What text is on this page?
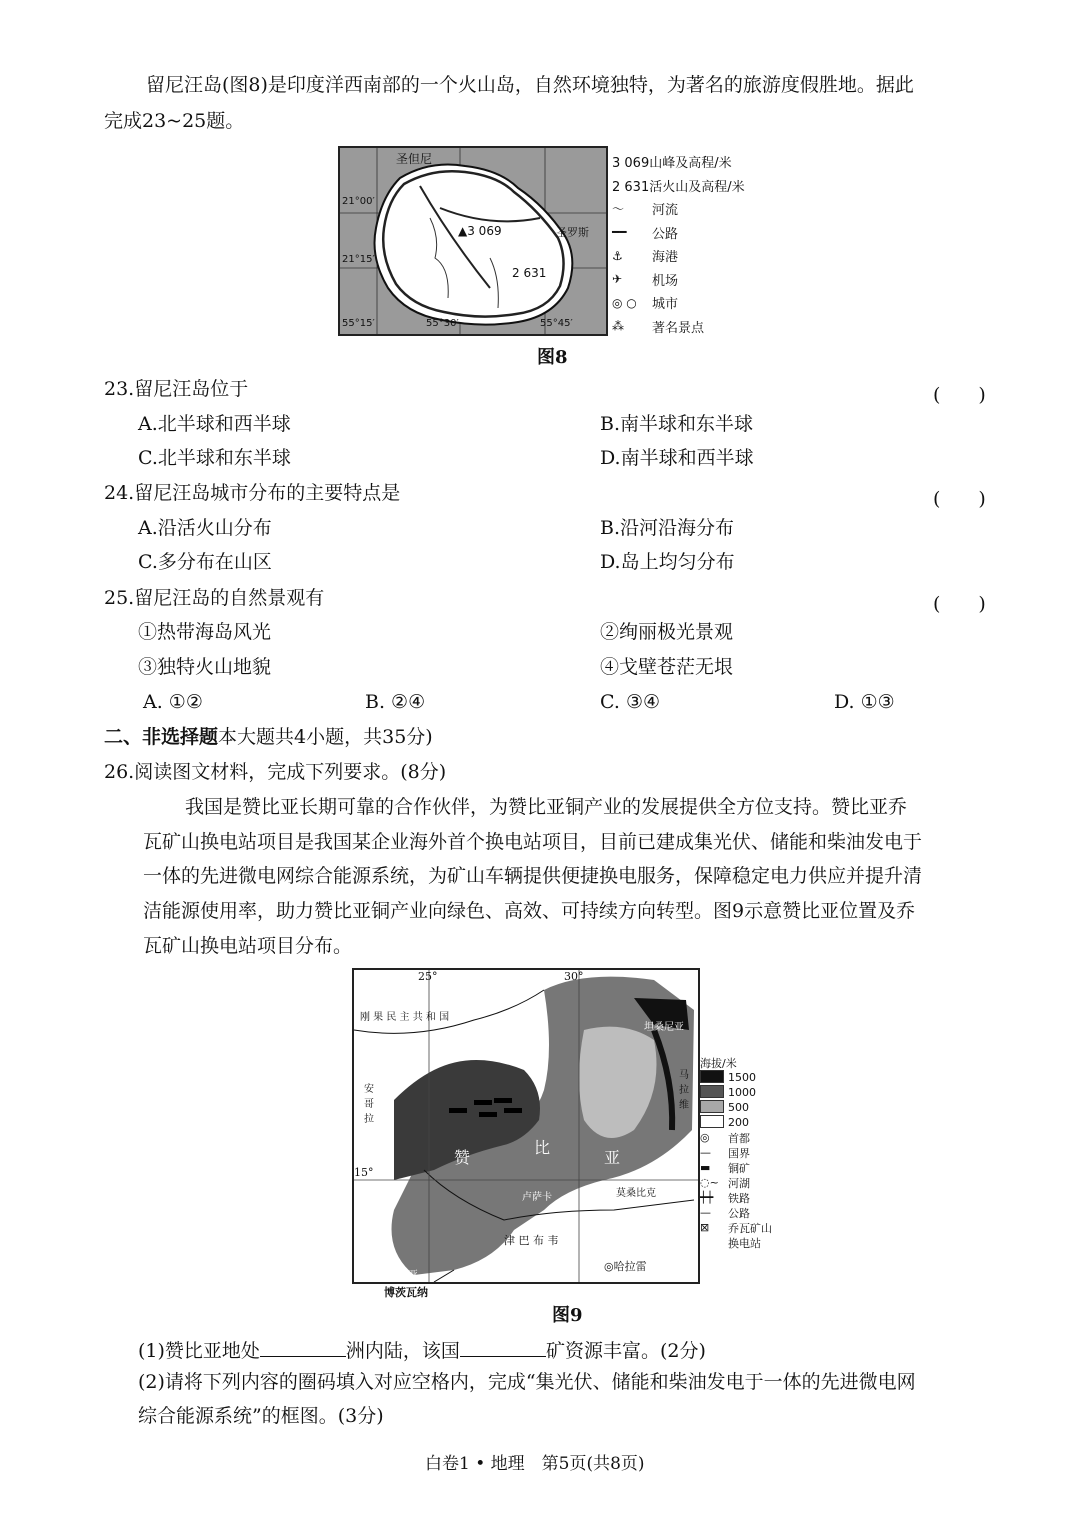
留尼汪岛(图8)是印度洋西南部的一个火山岛，自然环境独特，为著名的旅游度假胜地。据此
完成23~25题。
圣但尼
圣罗斯
21°00′
21°15′
▲3 069
2 631
55°15′	55°30′	55°45′
3 069山峰及高程/米
2 631活火山及高程/米
〜	河流
━━	公路
⚓	海港
✈	机场
◎ ○	城市
⁂	著名景点
图8
23.留尼汪岛位于	(　　)
A.北半球和西半球	B.南半球和东半球
C.北半球和东半球	D.南半球和西半球
24.留尼汪岛城市分布的主要特点是	(　　)
A.沿活火山分布	B.沿河沿海分布
C.多分布在山区	D.岛上均匀分布
25.留尼汪岛的自然景观有	(　　)
①热带海岛风光	②绚丽极光景观
③独特火山地貌	④戈壁苍茫无垠
A. ①②	B. ②④	C. ③④	D. ①③
二、非选择题本大题共4小题，共35分)
26.阅读图文材料，完成下列要求。(8分)
我国是赞比亚长期可靠的合作伙伴，为赞比亚铜产业的发展提供全方位支持。赞比亚乔
瓦矿山换电站项目是我国某企业海外首个换电站项目，目前已建成集光伏、储能和柴油发电于
一体的先进微电网综合能源系统，为矿山车辆提供便捷换电服务，保障稳定电力供应并提升清
洁能源使用率，助力赞比亚铜产业向绿色、高效、可持续方向转型。图9示意赞比亚位置及乔
瓦矿山换电站项目分布。
25°	30°
15°
刚 果 民 主 共 和 国
坦桑尼亚
安 哥 拉
马 拉 维
赞
比
亚
莫桑比克
津 巴 布 韦
◎哈拉雷
卢萨卡
纳米比亚
博茨瓦纳
海拔/米
1500
1000
500
200
◎	首都
—	国界
▬	铜矿
◌~ 河湖
┿┿	铁路
—	公路
⊠	乔瓦矿山
换电站
图9
(1)赞比亚地处	洲内陆，该国	矿资源丰富。(2分)
(2)请将下列内容的圈码填入对应空格内，完成“集光伏、储能和柴油发电于一体的先进微电网
综合能源系统”的框图。(3分)
白卷1 • 地理　第5页(共8页)
